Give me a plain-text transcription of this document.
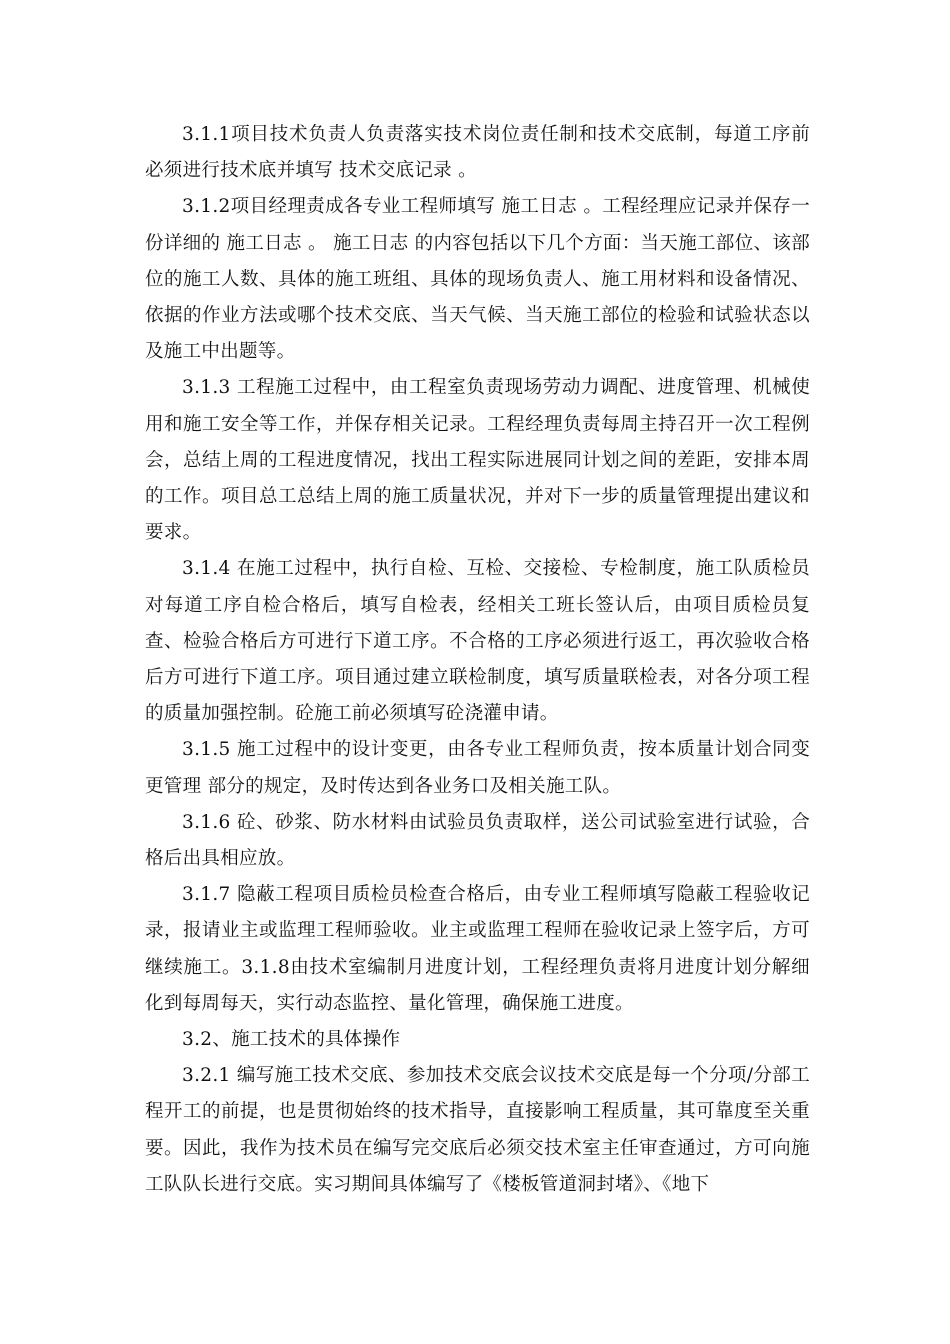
3.1.1项目技术负责人负责落实技术岗位责任制和技术交底制，每道工序前必须进行技术底并填写 技术交底记录 。

3.1.2项目经理责成各专业工程师填写 施工日志 。工程经理应记录并保存一份详细的 施工日志 。 施工日志 的内容包括以下几个方面：当天施工部位、该部位的施工人数、具体的施工班组、具体的现场负责人、施工用材料和设备情况、依据的作业方法或哪个技术交底、当天气候、当天施工部位的检验和试验状态以及施工中出题等。

3.1.3 工程施工过程中，由工程室负责现场劳动力调配、进度管理、机械使用和施工安全等工作，并保存相关记录。工程经理负责每周主持召开一次工程例会，总结上周的工程进度情况，找出工程实际进展同计划之间的差距，安排本周的工作。项目总工总结上周的施工质量状况，并对下一步的质量管理提出建议和要求。

3.1.4 在施工过程中，执行自检、互检、交接检、专检制度，施工队质检员对每道工序自检合格后，填写自检表，经相关工班长签认后，由项目质检员复查、检验合格后方可进行下道工序。不合格的工序必须进行返工，再次验收合格后方可进行下道工序。项目通过建立联检制度，填写质量联检表，对各分项工程的质量加强控制。砼施工前必须填写砼浇灌申请。

3.1.5 施工过程中的设计变更，由各专业工程师负责，按本质量计划合同变更管理 部分的规定，及时传达到各业务口及相关施工队。

3.1.6 砼、砂浆、防水材料由试验员负责取样，送公司试验室进行试验，合格后出具相应放。

3.1.7 隐蔽工程项目质检员检查合格后，由专业工程师填写隐蔽工程验收记录，报请业主或监理工程师验收。业主或监理工程师在验收记录上签字后，方可继续施工。3.1.8由技术室编制月进度计划，工程经理负责将月进度计划分解细化到每周每天，实行动态监控、量化管理，确保施工进度。

3.2、施工技术的具体操作

3.2.1 编写施工技术交底、参加技术交底会议技术交底是每一个分项/分部工程开工的前提，也是贯彻始终的技术指导，直接影响工程质量，其可靠度至关重要。因此，我作为技术员在编写完交底后必须交技术室主任审查通过，方可向施工队队长进行交底。实习期间具体编写了《楼板管道洞封堵》、《地下
